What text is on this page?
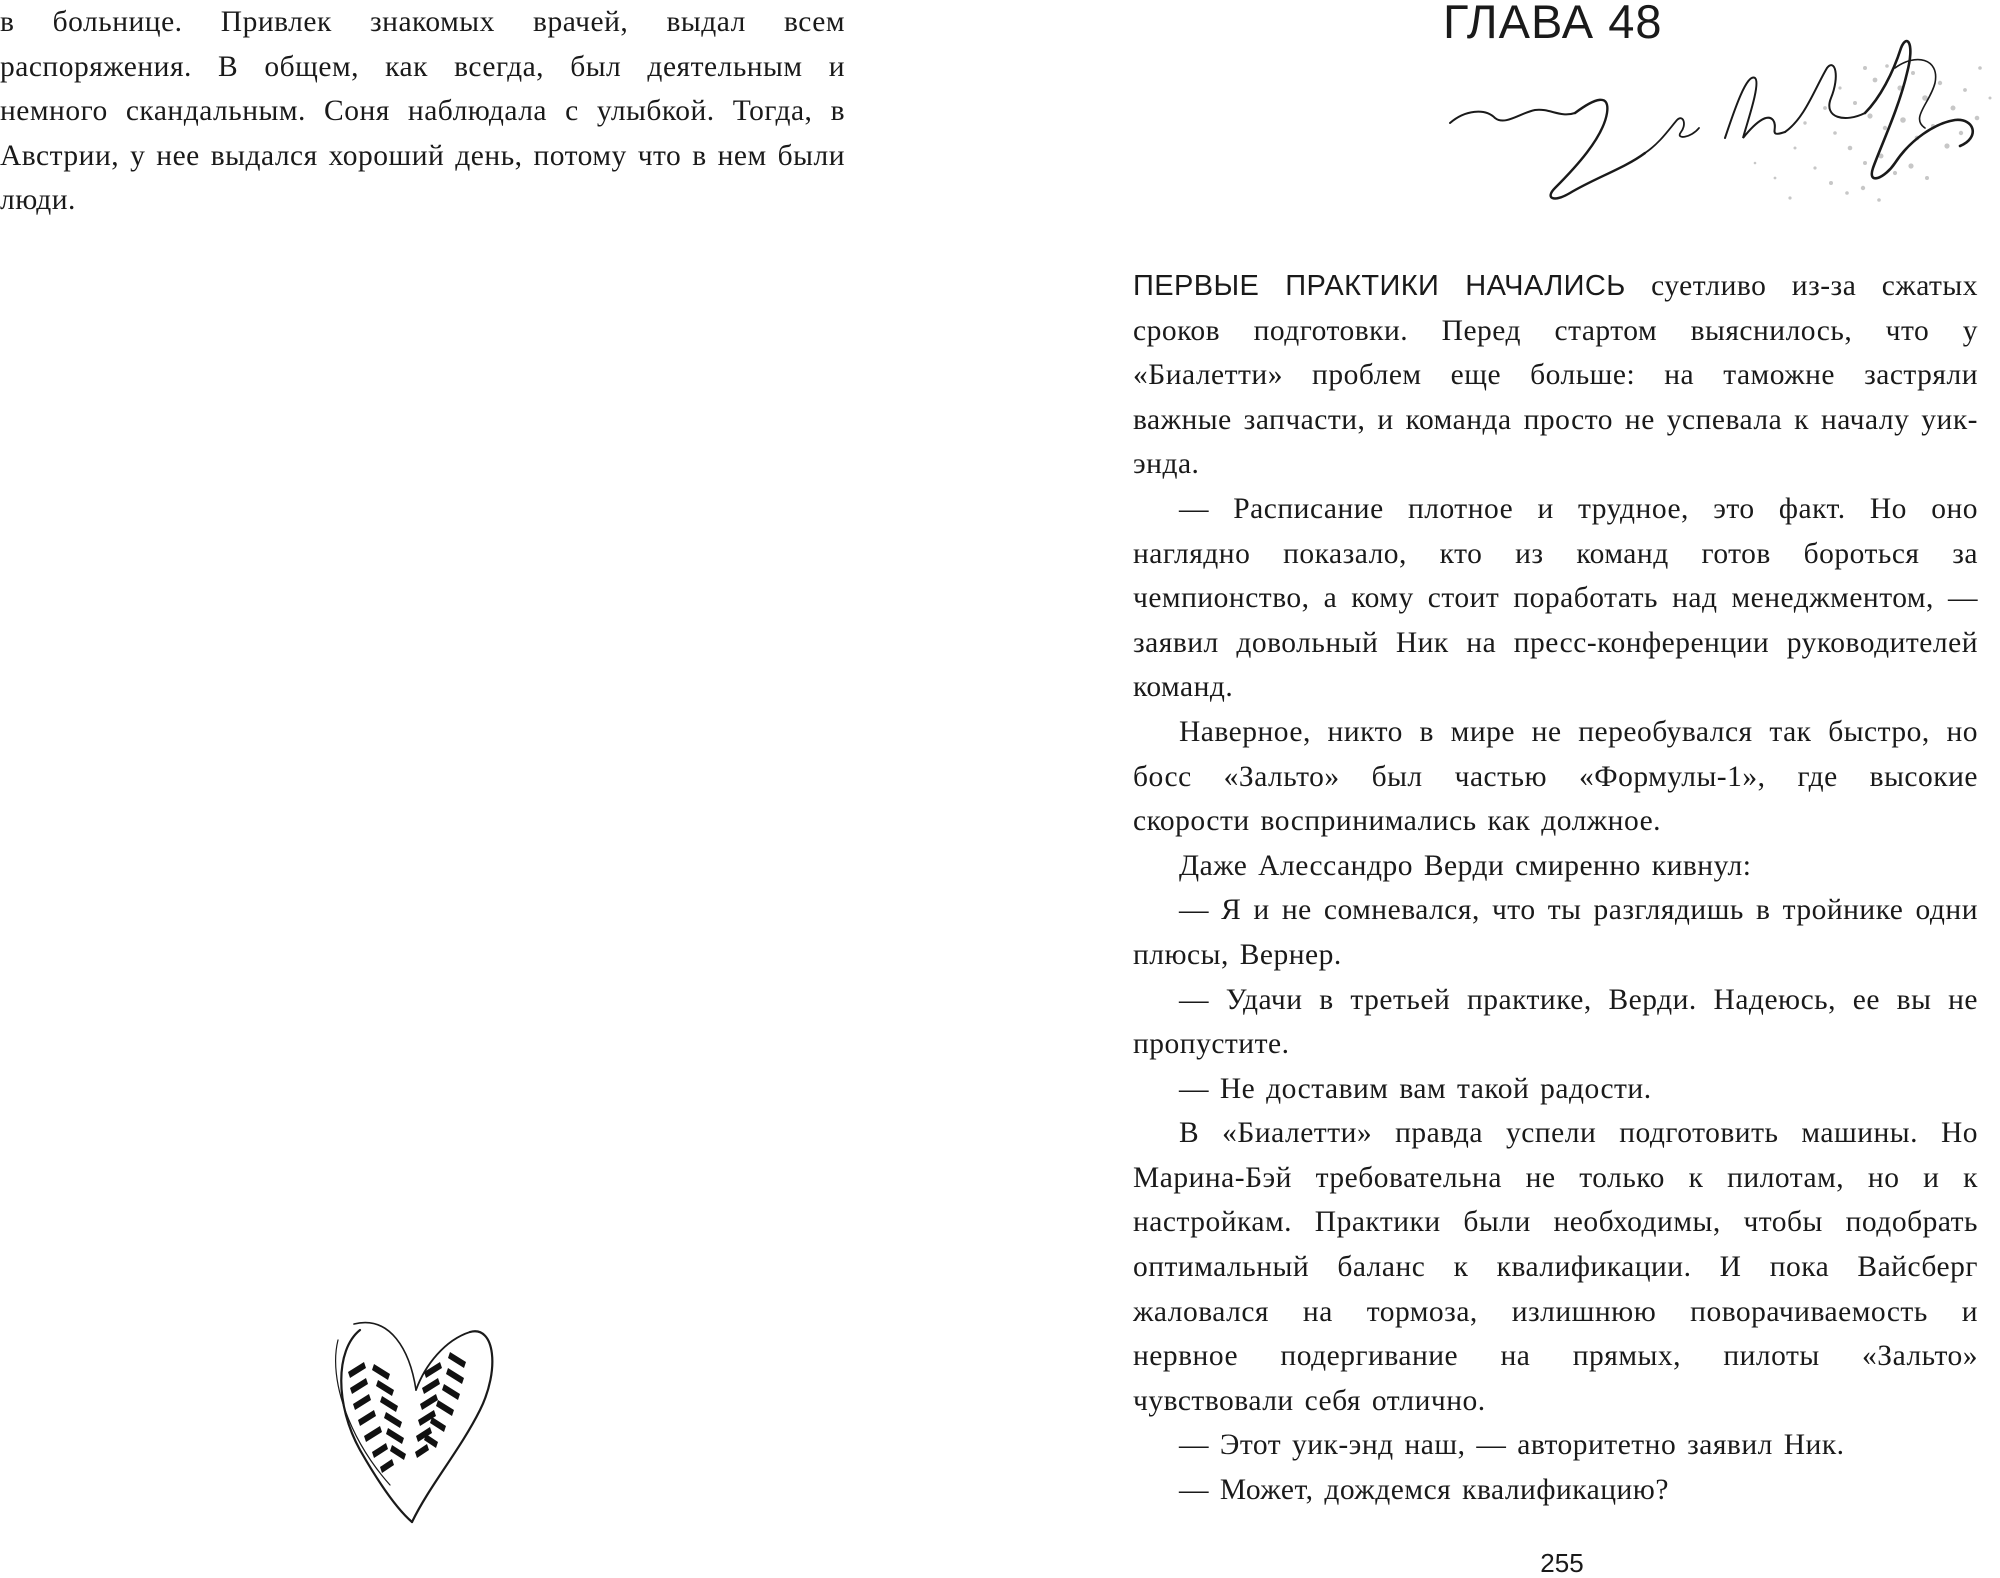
в больнице. Привлек знакомых врачей, выдал всем распоряжения. В общем, как всегда, был деятельным и немного скандальным. Соня наблюдала с улыбкой. Тогда, в Австрии, у нее выдался хороший день, потому что в нем были люди.

ГЛАВА 48

ПЕРВЫЕ ПРАКТИКИ НАЧАЛИСЬ суетливо из-за сжатых сроков подготовки. Перед стартом выяснилось, что у «Биалетти» проблем еще больше: на таможне застряли важные запчасти, и команда просто не успевала к началу уик-энда.

— Расписание плотное и трудное, это факт. Но оно наглядно показало, кто из команд готов бороться за чемпионство, а кому стоит поработать над менеджментом, — заявил довольный Ник на пресс-конференции руководителей команд.

Наверное, никто в мире не переобувался так быстро, но босс «Зальто» был частью «Формулы-1», где высокие скорости воспринимались как должное.

Даже Алессандро Верди смиренно кивнул:

— Я и не сомневался, что ты разглядишь в тройнике одни плюсы, Вернер.

— Удачи в третьей практике, Верди. Надеюсь, ее вы не пропустите.

— Не доставим вам такой радости.

В «Биалетти» правда успели подготовить машины. Но Марина-Бэй требовательна не только к пилотам, но и к настройкам. Практики были необходимы, чтобы подобрать оптимальный баланс к квалификации. И пока Вайсберг жаловался на тормоза, излишнюю поворачиваемость и нервное подергивание на прямых, пилоты «Зальто» чувствовали себя отлично.

— Этот уик-энд наш, — авторитетно заявил Ник.

— Может, дождемся квалификацию?

255
